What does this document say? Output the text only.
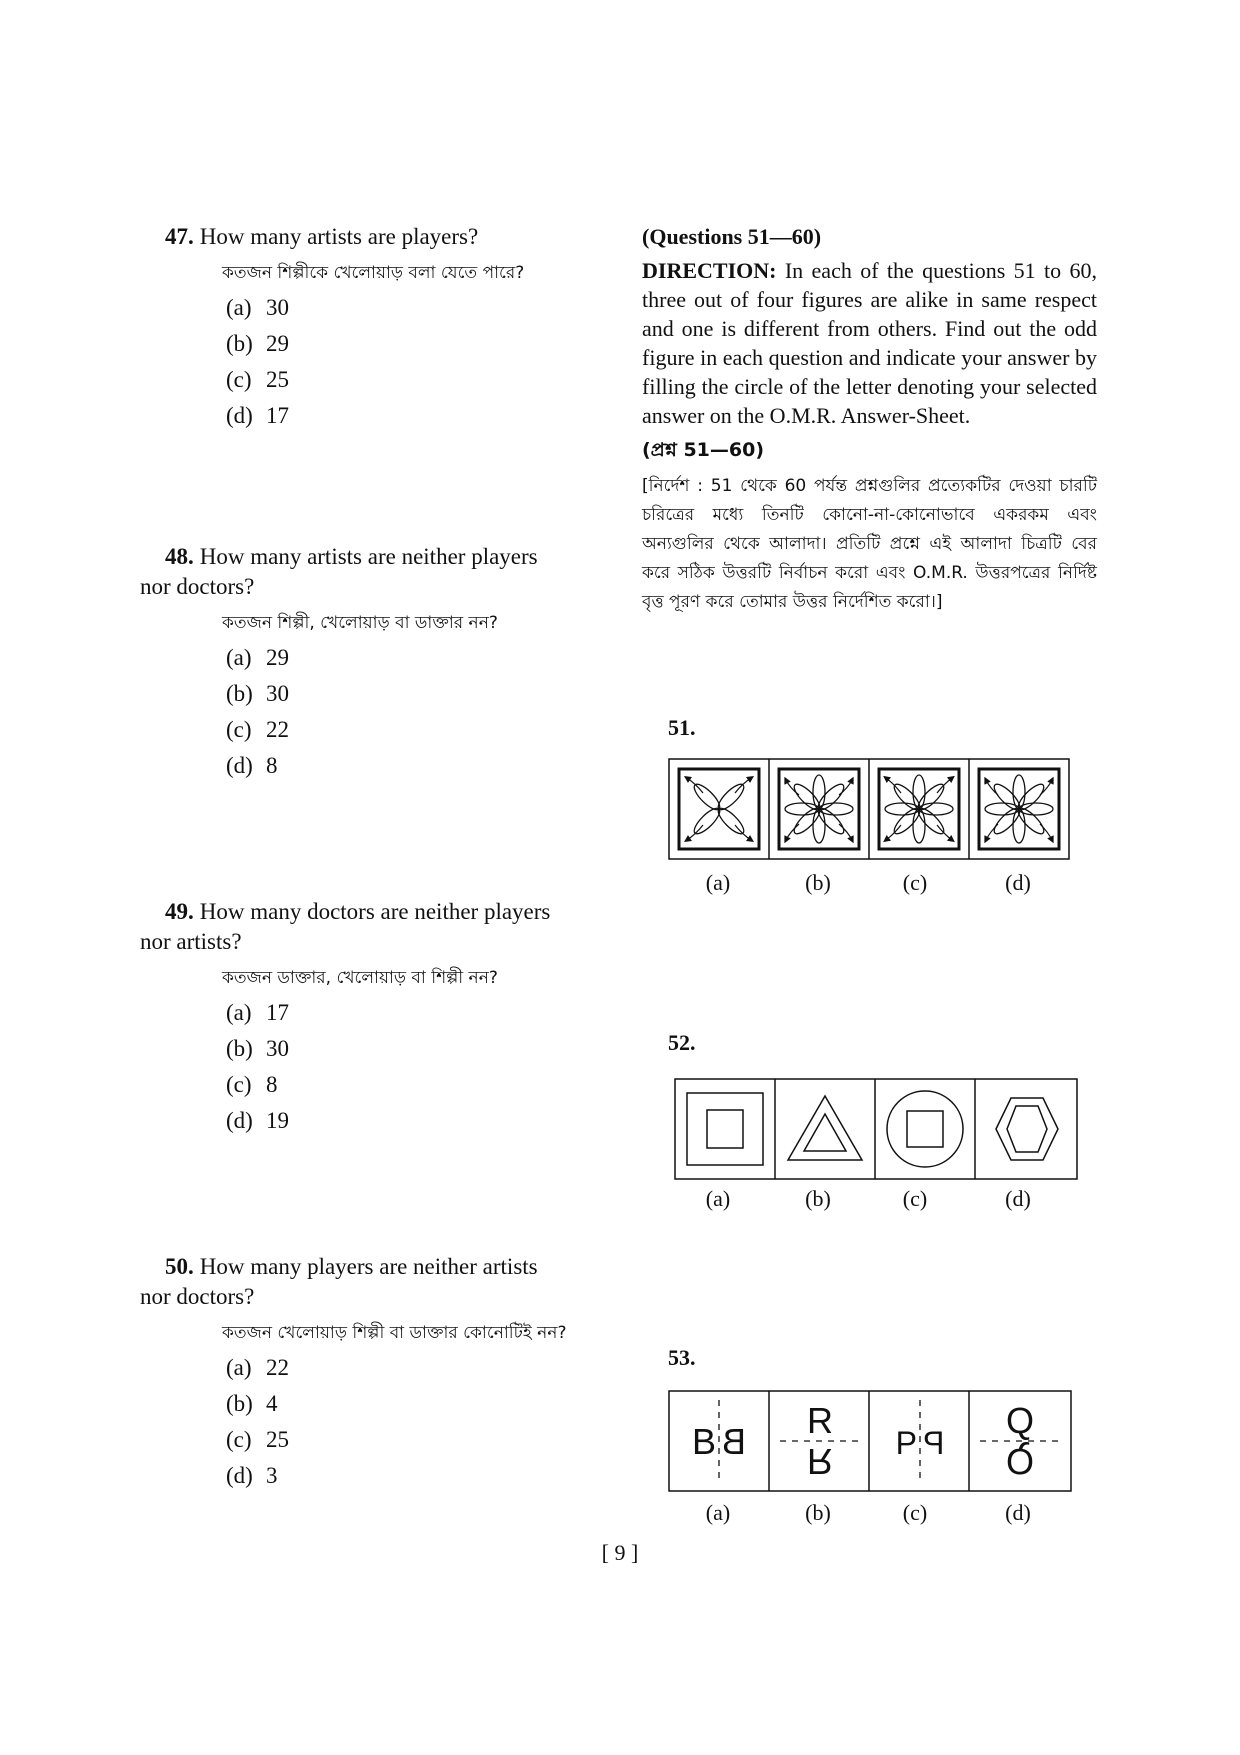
47. How many artists are players?

কতজন শিল্পীকে খেলোয়াড় বলা যেতে পারে?

(a) 30
(b) 29
(c) 25
(d) 17

48. How many artists are neither players

nor doctors?

কতজন শিল্পী, খেলোয়াড় বা ডাক্তার নন?

(a) 29
(b) 30
(c) 22
(d) 8

49. How many doctors are neither players

nor artists?

কতজন ডাক্তার, খেলোয়াড় বা শিল্পী নন?

(a) 17
(b) 30
(c) 8
(d) 19

50. How many players are neither artists

nor doctors?

কতজন খেলোয়াড় শিল্পী বা ডাক্তার কোনোটিই নন?

(a) 22
(b) 4
(c) 25
(d) 3

(Questions 51—60)

DIRECTION: In each of the questions 51 to 60, three out of four figures are alike in same respect and one is different from others. Find out the odd figure in each question and indicate your answer by filling the circle of the letter denoting your selected answer on the O.M.R. Answer-Sheet.

(প্রশ্ন 51—60)

[নির্দেশ : 51 থেকে 60 পর্যন্ত প্রশ্নগুলির প্রত্যেকটির দেওয়া চারটি চরিত্রের মধ্যে তিনটি কোনো-না-কোনোভাবে একরকম এবং অন্যগুলির থেকে আলাদা। প্রতিটি প্রশ্নে এই আলাদা চিত্রটি বের করে সঠিক উত্তরটি নির্বাচন করো এবং O.M.R. উত্তরপত্রের নির্দিষ্ট বৃত্ত পূরণ করে তোমার উত্তর নির্দেশিত করো।]

51.

(a)	(b)	(c)	(d)

52.

(a)	(b)	(c)	(d)

53.

B B
R
R P P
Q
Q
(a)	(b)	(c)	(d)
[ 9 ]
